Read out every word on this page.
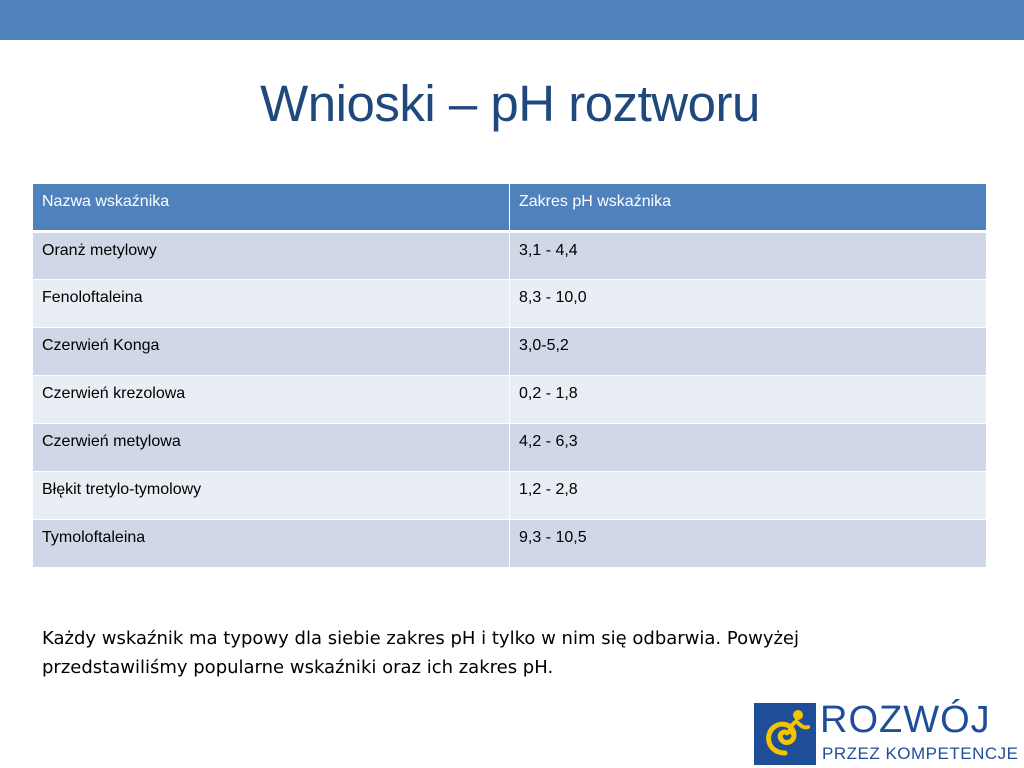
Wnioski – pH roztworu
Nazwa wskaźnika	Zakres pH wskaźnika
Oranż metylowy	3,1 - 4,4
Fenoloftaleina	8,3 - 10,0
Czerwień Konga	3,0-5,2
Czerwień krezolowa	0,2 - 1,8
Czerwień metylowa	4,2 - 6,3
Błękit tretylo-tymolowy	1,2 - 2,8
Tymoloftaleina	9,3 - 10,5
Każdy wskaźnik ma typowy dla siebie zakres pH i tylko w nim się odbarwia. Powyżej przedstawiliśmy popularne wskaźniki oraz ich zakres pH.
ROZWÓJ
PRZEZ KOMPETENCJE
